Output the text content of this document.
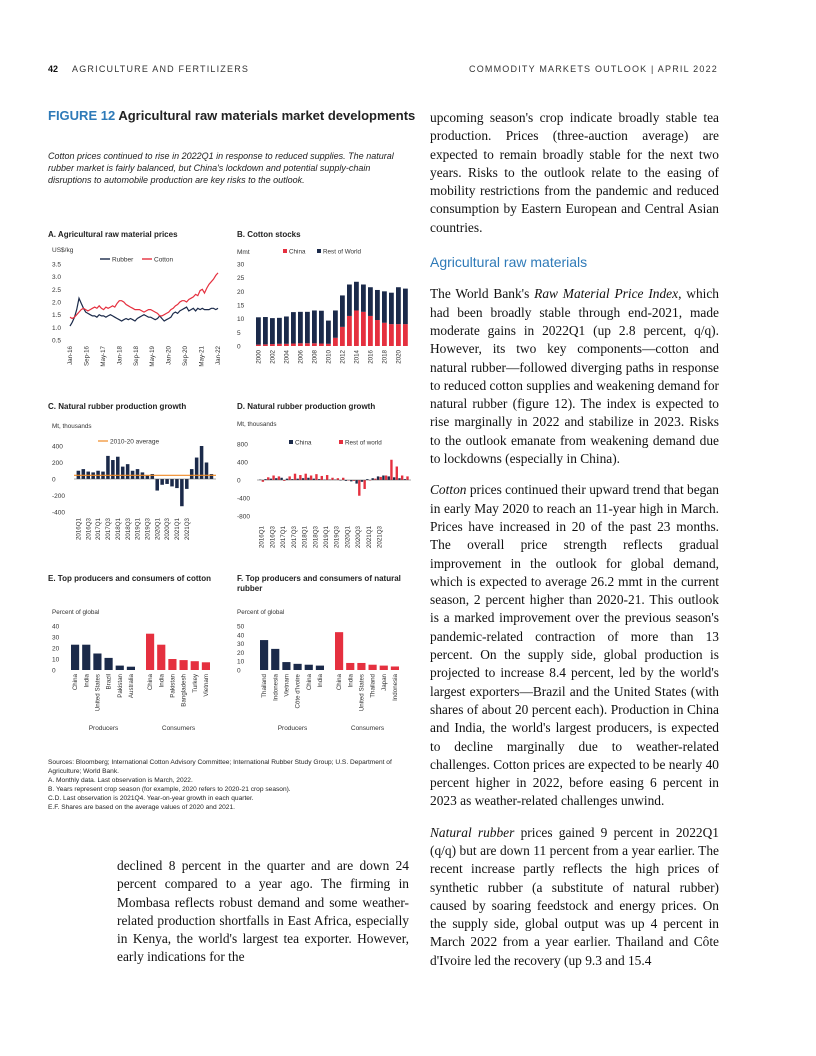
42 AGRICULTURE AND FERTILIZERS	COMMODITY MARKETS OUTLOOK | APRIL 2022
FIGURE 12 Agricultural raw materials market developments
Cotton prices continued to rise in 2022Q1 in response to reduced supplies. The natural rubber market is fairly balanced, but China's lockdown and potential supply-chain disruptions to automobile production are key risks to the outlook.
A. Agricultural raw material prices	B. Cotton stocks
C. Natural rubber production growth	D. Natural rubber production growth
E. Top producers and consumers of cotton	F. Top producers and consumers of natural rubber
US$/kg
3.5
3.0
2.5
2.0
1.5
1.0
0.5
Rubber	Cotton
Jan-16 Sep-16 May-17 Jan-18 Sep-18 May-19 Jan-20 Sep-20 May-21 Jan-22
Mmt
30
25
20
15
10
5
0
China	Rest of World
2000 2002 2004 2006 2008 2010 2012 2014 2016 2018 2020
Mt, thousands
400
200
0
-200
-400
2010-20 average
2016Q1 2016Q3 2017Q1 2017Q3 2018Q1 2018Q3 2019Q1 2019Q3 2020Q1 2020Q3 2021Q1 2021Q3
Mt, thousands
800
400
0
-400
-800
China	Rest of world
2016Q1 2016Q3 2017Q1 2017Q3 2018Q1 2018Q3 2019Q1 2019Q3 2020Q1 2020Q3 2021Q1 2021Q3
Percent of global
40
30
20
10
0
China India United States Brazil Pakistan Australia
Producers
China India Pakistan Bangladesh Turkey Vietnam
Consumers
Percent of global
50
40
30
20
10
0
Thailand Indonesia Vietnam Côte d'Ivoire China India
Producers
China India United States Thailand Japan Indonesia
Consumers
Sources: Bloomberg; International Cotton Advisory Committee; International Rubber Study Group; U.S. Department of Agriculture; World Bank.
A. Monthly data. Last observation is March, 2022.
B. Years represent crop season (for example, 2020 refers to 2020-21 crop season).
C.D. Last observation is 2021Q4. Year-on-year growth in each quarter.
E.F. Shares are based on the average values of 2020 and 2021.

declined 8 percent in the quarter and are down 24 percent compared to a year ago. The firming in Mombasa reflects robust demand and some weather-related production shortfalls in East Africa, especially in Kenya, the world's largest tea exporter. However, early indications for the

upcoming season's crop indicate broadly stable tea production. Prices (three-auction average) are expected to remain broadly stable for the next two years. Risks to the outlook relate to the easing of mobility restrictions from the pandemic and reduced consumption by Eastern European and Central Asian countries.

Agricultural raw materials

The World Bank's Raw Material Price Index, which had been broadly stable through end-2021, made moderate gains in 2022Q1 (up 2.8 percent, q/q). However, its two key components—cotton and natural rubber—followed diverging paths in response to reduced cotton supplies and weakening demand for natural rubber (figure 12). The index is expected to rise marginally in 2022 and stabilize in 2023. Risks to the outlook emanate from weakening demand due to lockdowns (especially in China).

Cotton prices continued their upward trend that began in early May 2020 to reach an 11-year high in March. Prices have increased in 20 of the past 23 months. The overall price strength reflects gradual improvement in the outlook for global demand, which is expected to average 26.2 mmt in the current season, 2 percent higher than 2020-21. This outlook is a marked improvement over the previous season's pandemic-related contraction of more than 13 percent. On the supply side, global production is projected to increase 8.4 percent, led by the world's largest exporters—Brazil and the United States (with shares of about 20 percent each). Production in China and India, the world's largest producers, is expected to decline marginally due to weather-related challenges. Cotton prices are expected to be nearly 40 percent higher in 2022, before easing 6 percent in 2023 as weather-related challenges unwind.

Natural rubber prices gained 9 percent in 2022Q1 (q/q) but are down 11 percent from a year earlier. The recent increase partly reflects the high prices of synthetic rubber (a substitute of natural rubber) caused by soaring feedstock and energy prices. On the supply side, global output was up 4 percent in March 2022 from a year earlier. Thailand and Côte d'Ivoire led the recovery (up 9.3 and 15.4
